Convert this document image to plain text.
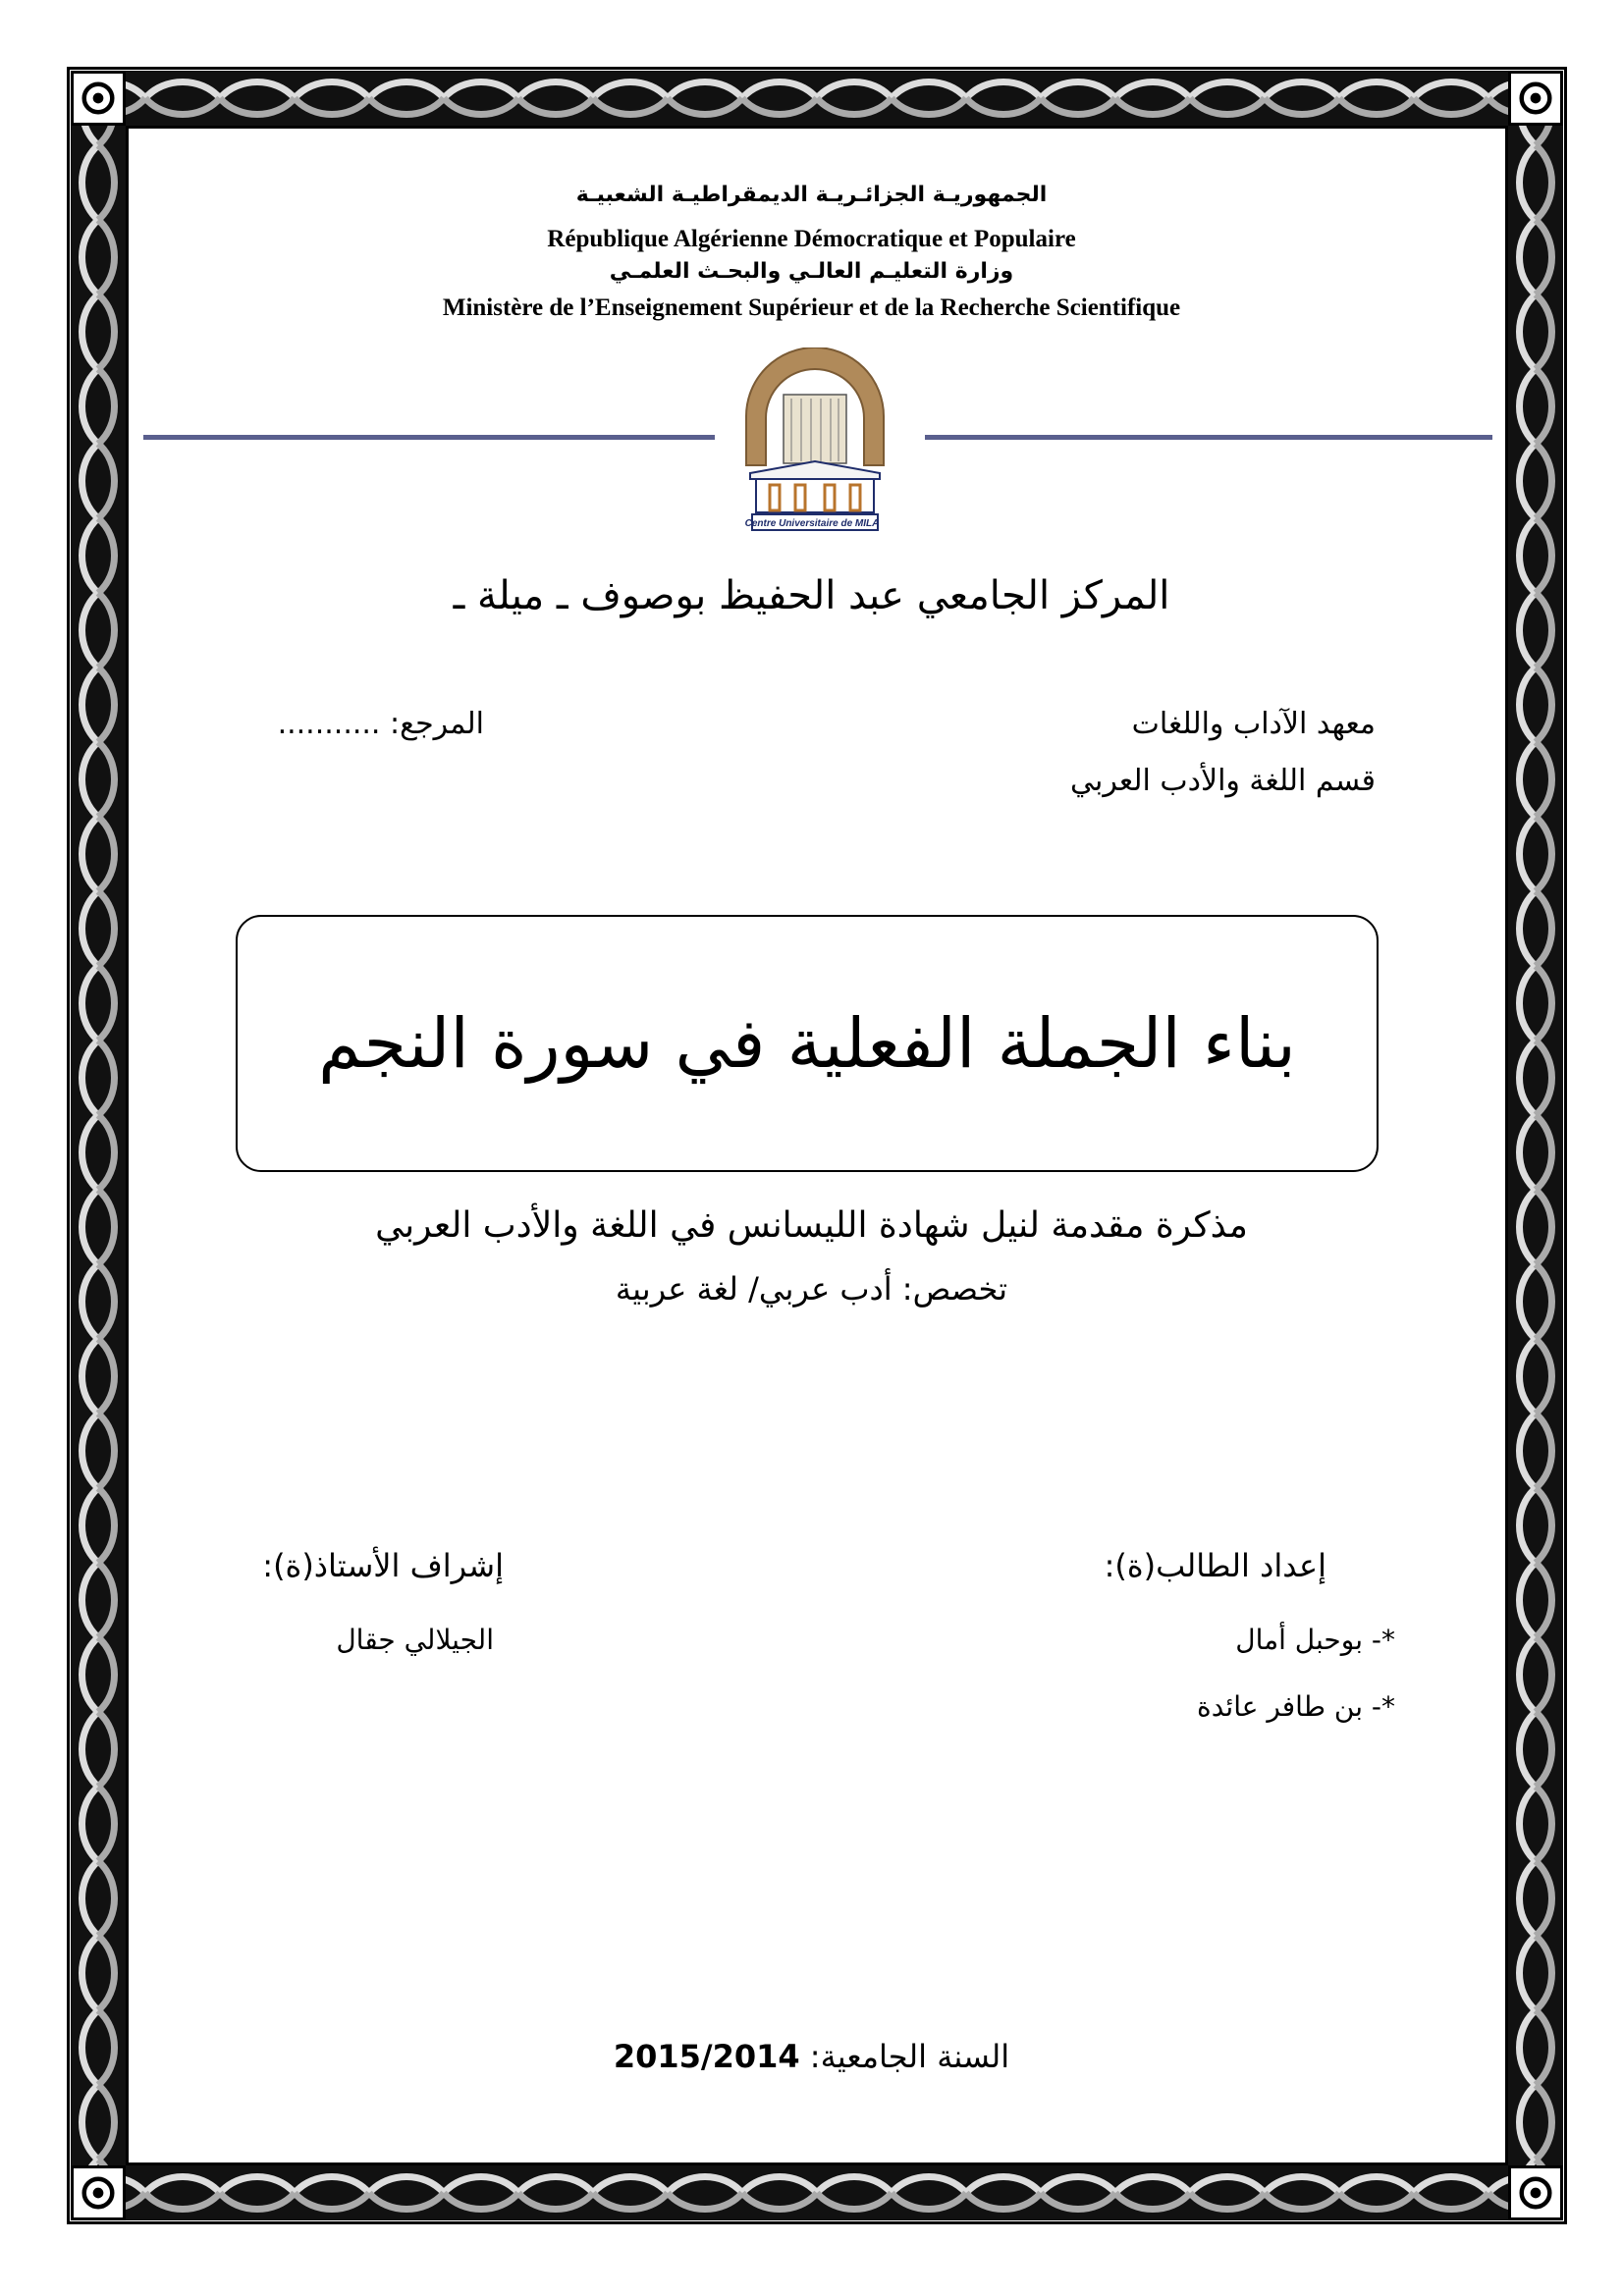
الجمهوريـة الجزائـريـة الديمقراطيـة الشعبيـة
République Algérienne Démocratique et Populaire
وزارة التعليـم العالـي والبحـث العلمـي
Ministère de l’Enseignement Supérieur et de la Recherche Scientifique
Centre Universitaire de MILA
المركز الجامعي عبد الحفيظ بوصوف ـ ميلة ـ
معهد الآداب واللغات
قسم اللغة والأدب العربي
المرجع: ...........
بناء الجملة الفعلية في سورة النجم
مذكرة مقدمة لنيل شهادة الليسانس في اللغة والأدب العربي
تخصص: أدب عربي/ لغة عربية
إعداد الطالب(ة):
*- بوحبل أمال
*- بن طافر عائدة
إشراف الأستاذ(ة):
الجيلالي جقال
السنة الجامعية: 2015/2014
